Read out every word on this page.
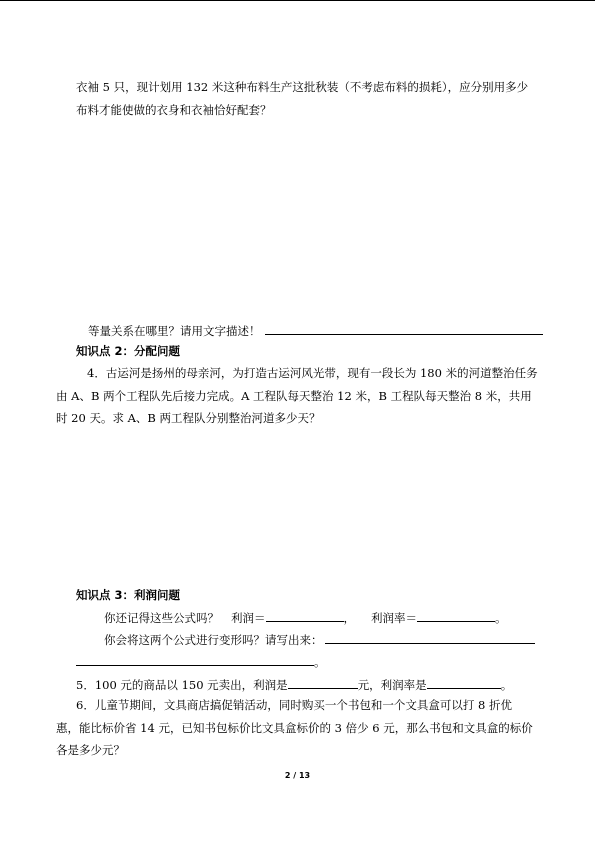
衣袖 5 只，现计划用 132 米这种布料生产这批秋装（不考虑布料的损耗），应分别用多少
布料才能使做的衣身和衣袖恰好配套？
等量关系在哪里？请用文字描述！
知识点 2：分配问题
4．古运河是扬州的母亲河，为打造古运河风光带，现有一段长为 180 米的河道整治任务
由 A、B 两个工程队先后接力完成。A 工程队每天整治 12 米，B 工程队每天整治 8 米，共用
时 20 天。求 A、B 两工程队分别整治河道多少天？
知识点 3：利润问题
你还记得这些公式吗？ 利润＝	， 利润率＝	。
你会将这两个公式进行变形吗？请写出来：
。
5．100 元的商品以 150 元卖出，利润是	元，利润率是	。
6．儿童节期间，文具商店搞促销活动，同时购买一个书包和一个文具盒可以打 8 折优
惠，能比标价省 14 元，已知书包标价比文具盒标价的 3 倍少 6 元，那么书包和文具盒的标价
各是多少元？
2 / 13
